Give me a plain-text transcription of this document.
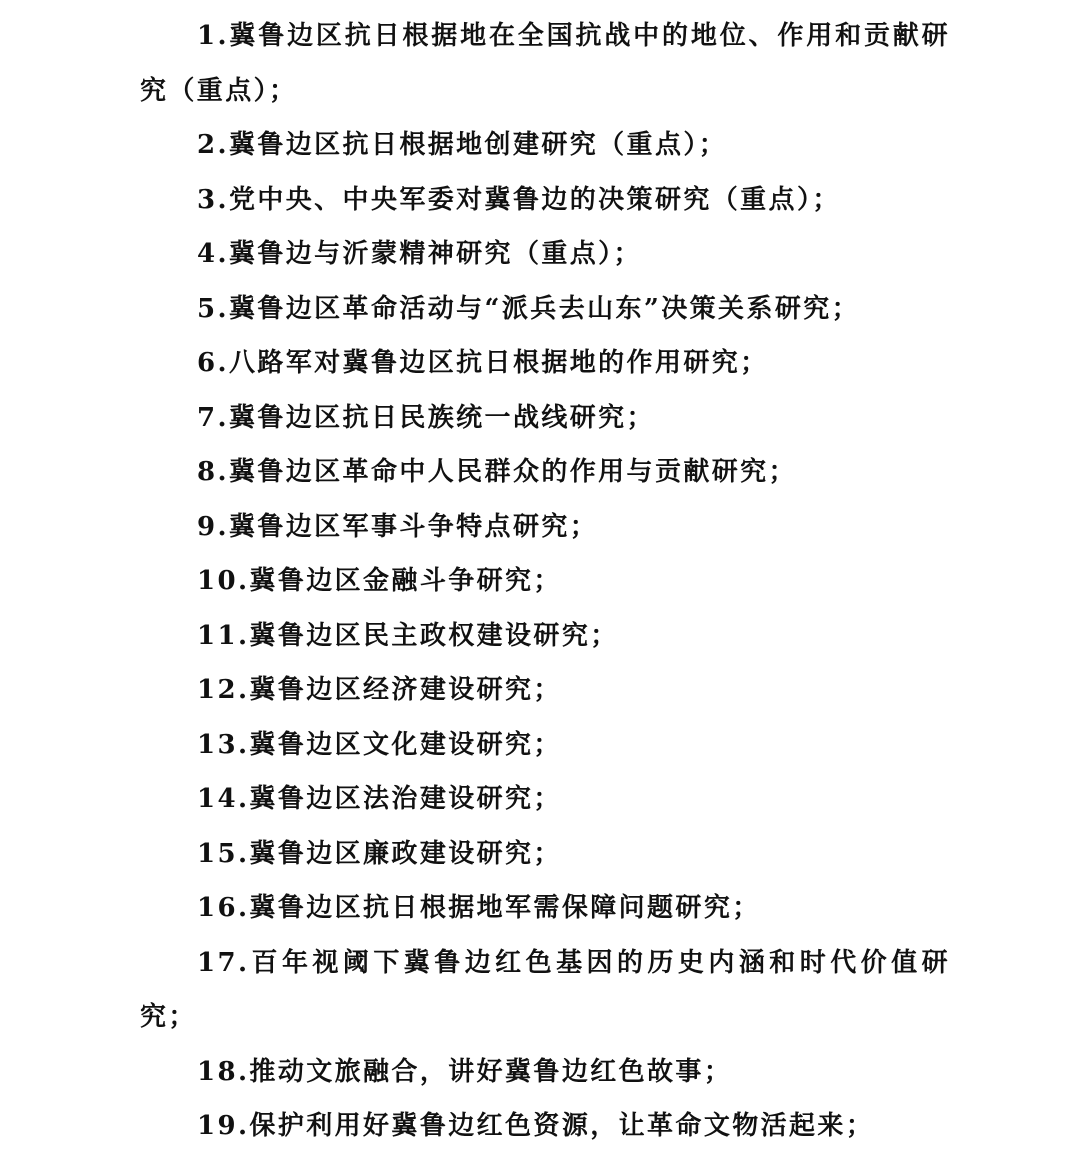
1.冀鲁边区抗日根据地在全国抗战中的地位、作用和贡献研究（重点）；

2.冀鲁边区抗日根据地创建研究（重点）；

3.党中央、中央军委对冀鲁边的决策研究（重点）；

4.冀鲁边与沂蒙精神研究（重点）；

5.冀鲁边区革命活动与“派兵去山东”决策关系研究；

6.八路军对冀鲁边区抗日根据地的作用研究；

7.冀鲁边区抗日民族统一战线研究；

8.冀鲁边区革命中人民群众的作用与贡献研究；

9.冀鲁边区军事斗争特点研究；

10.冀鲁边区金融斗争研究；

11.冀鲁边区民主政权建设研究；

12.冀鲁边区经济建设研究；

13.冀鲁边区文化建设研究；

14.冀鲁边区法治建设研究；

15.冀鲁边区廉政建设研究；

16.冀鲁边区抗日根据地军需保障问题研究；

17.百年视阈下冀鲁边红色基因的历史内涵和时代价值研究；

18.推动文旅融合，讲好冀鲁边红色故事；

19.保护利用好冀鲁边红色资源，让革命文物活起来；
